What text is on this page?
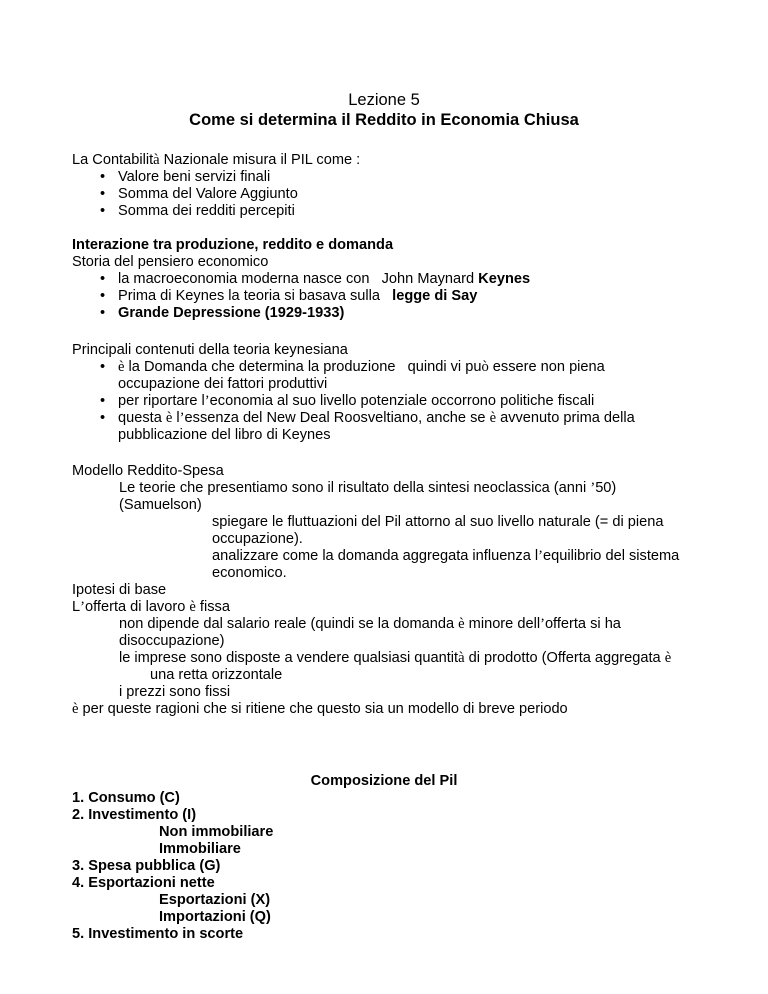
Lezione 5
Come si determina il Reddito in Economia Chiusa
La Contabilità Nazionale misura il PIL come :
• Valore beni servizi finali
• Somma del Valore Aggiunto
• Somma dei redditi percepiti
Interazione tra produzione, reddito e domanda
Storia del pensiero economico
• la macroeconomia moderna nasce con   John Maynard Keynes
• Prima di Keynes la teoria si basava sulla   legge di Say
• Grande Depressione (1929-1933)
Principali contenuti della teoria keynesiana
• è la Domanda che determina la produzione   quindi vi può essere non piena
occupazione dei fattori produttivi
• per riportare l’economia al suo livello potenziale occorrono politiche fiscali
• questa è l’essenza del New Deal Roosveltiano, anche se è avvenuto prima della
pubblicazione del libro di Keynes
Modello Reddito-Spesa
Le teorie che presentiamo sono il risultato della sintesi neoclassica (anni ’50)
(Samuelson)
spiegare le fluttuazioni del Pil attorno al suo livello naturale (= di piena
occupazione).
analizzare come la domanda aggregata influenza l’equilibrio del sistema
economico.
Ipotesi di base
L’offerta di lavoro è fissa
non dipende dal salario reale (quindi se la domanda è minore dell’offerta si ha
disoccupazione)
le imprese sono disposte a vendere qualsiasi quantità di prodotto (Offerta aggregata è
una retta orizzontale
i prezzi sono fissi
è per queste ragioni che si ritiene che questo sia un modello di breve periodo
Composizione del Pil
1. Consumo (C)
2. Investimento (I)
Non immobiliare
Immobiliare
3. Spesa pubblica (G)
4. Esportazioni nette
Esportazioni (X)
Importazioni (Q)
5. Investimento in scorte
